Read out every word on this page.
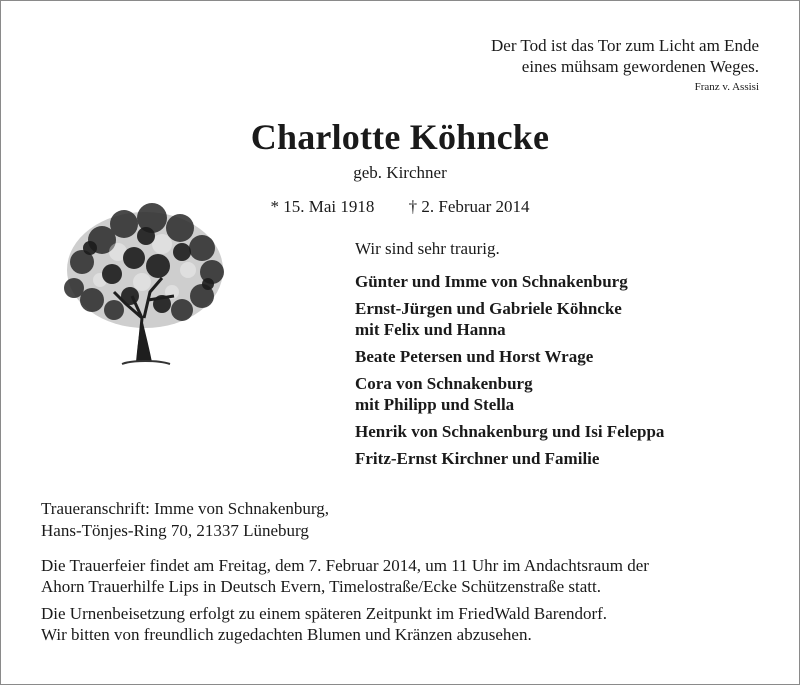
Der Tod ist das Tor zum Licht am Ende
eines mühsam gewordenen Weges.
Franz v. Assisi
Charlotte Köhncke
geb. Kirchner
* 15. Mai 1918 † 2. Februar 2014
Wir sind sehr traurig.
Günter und Imme von Schnakenburg
Ernst-Jürgen und Gabriele Köhncke
mit Felix und Hanna
Beate Petersen und Horst Wrage
Cora von Schnakenburg
mit Philipp und Stella
Henrik von Schnakenburg und Isi Feleppa
Fritz-Ernst Kirchner und Familie
Traueranschrift: Imme von Schnakenburg,
Hans-Tönjes-Ring 70, 21337 Lüneburg

Die Trauerfeier findet am Freitag, dem 7. Februar 2014, um 11 Uhr im Andachtsraum der
Ahorn Trauerhilfe Lips in Deutsch Evern, Timelostraße/Ecke Schützenstraße statt.

Die Urnenbeisetzung erfolgt zu einem späteren Zeitpunkt im FriedWald Barendorf.
Wir bitten von freundlich zugedachten Blumen und Kränzen abzusehen.
